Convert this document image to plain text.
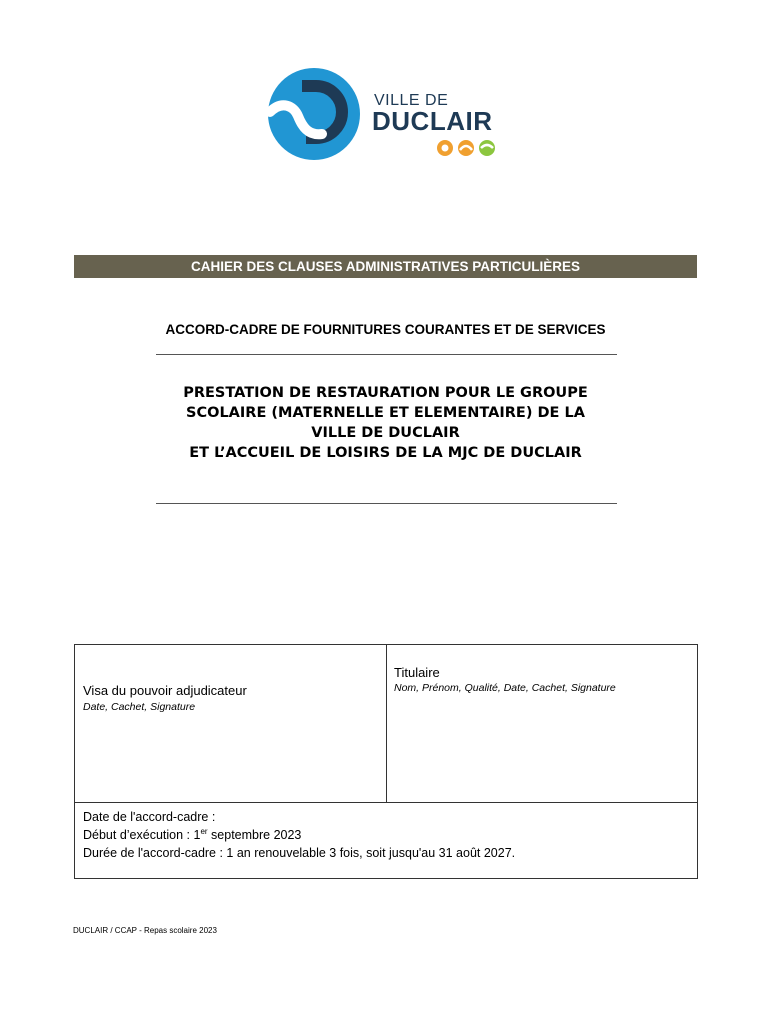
VILLE DE
DUCLAIR
CAHIER DES CLAUSES ADMINISTRATIVES PARTICULIÈRES
ACCORD-CADRE DE FOURNITURES COURANTES ET DE SERVICES
PRESTATION DE RESTAURATION POUR LE GROUPE
SCOLAIRE (MATERNELLE ET ELEMENTAIRE) DE LA
VILLE DE DUCLAIR
ET L’ACCUEIL DE LOISIRS DE LA MJC DE DUCLAIR
Visa du pouvoir adjudicateur
Date, Cachet, Signature
Titulaire
Nom, Prénom, Qualité, Date, Cachet, Signature
Date de l'accord-cadre :
Début d’exécution : 1er septembre 2023
Durée de l'accord-cadre : 1 an renouvelable 3 fois, soit jusqu'au 31 août 2027.
DUCLAIR / CCAP - Repas scolaire 2023
